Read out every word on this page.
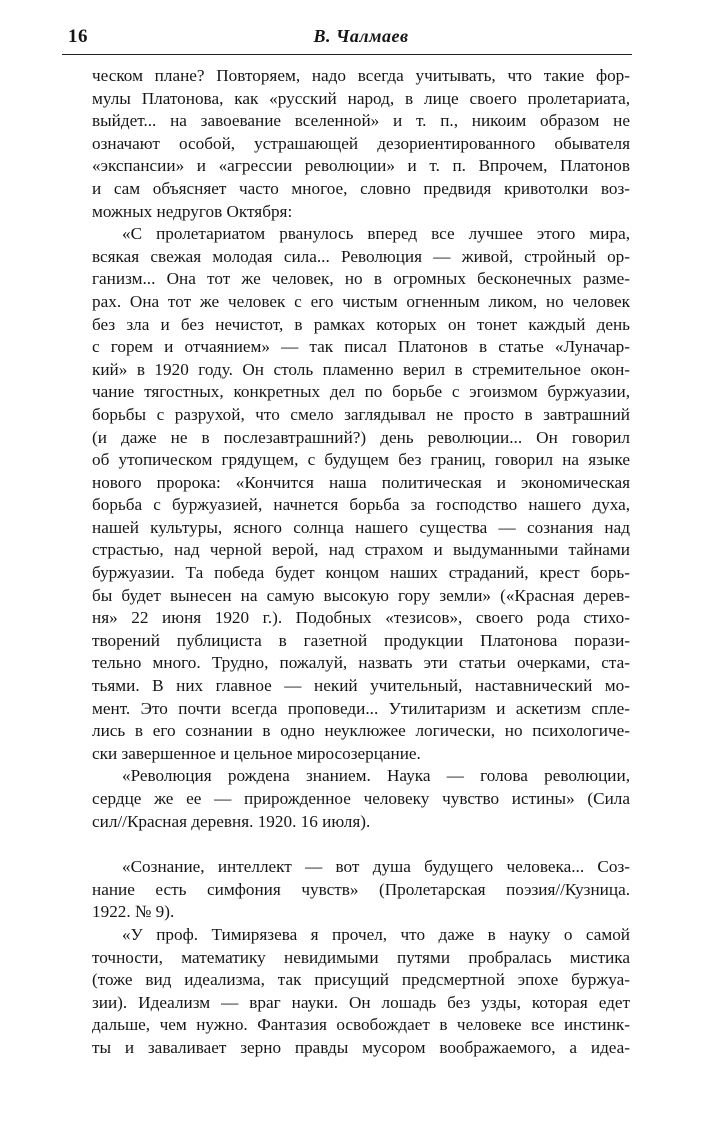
16	В. Чалмаев
ческом плане? Повторяем, надо всегда учитывать, что такие фор-
мулы Платонова, как «русский народ, в лице своего пролетариата,
выйдет... на завоевание вселенной» и т. п., никоим образом не
означают особой, устрашающей дезориентированного обывателя
«экспансии» и «агрессии революции» и т. п. Впрочем, Платонов
и сам объясняет часто многое, словно предвидя кривотолки воз-
можных недругов Октября:
«С пролетариатом рванулось вперед все лучшее этого мира,
всякая свежая молодая сила... Революция — живой, стройный ор-
ганизм... Она тот же человек, но в огромных бесконечных разме-
рах. Она тот же человек с его чистым огненным ликом, но человек
без зла и без нечистот, в рамках которых он тонет каждый день
с горем и отчаянием» — так писал Платонов в статье «Луначар-
кий» в 1920 году. Он столь пламенно верил в стремительное окон-
чание тягостных, конкретных дел по борьбе с эгоизмом буржуазии,
борьбы с разрухой, что смело заглядывал не просто в завтрашний
(и даже не в послезавтрашний?) день революции... Он говорил
об утопическом грядущем, с будущем без границ, говорил на языке
нового пророка: «Кончится наша политическая и экономическая
борьба с буржуазией, начнется борьба за господство нашего духа,
нашей культуры, ясного солнца нашего существа — сознания над
страстью, над черной верой, над страхом и выдуманными тайнами
буржуазии. Та победа будет концом наших страданий, крест борь-
бы будет вынесен на самую высокую гору земли» («Красная дерев-
ня» 22 июня 1920 г.). Подобных «тезисов», своего рода стихо-
творений публициста в газетной продукции Платонова порази-
тельно много. Трудно, пожалуй, назвать эти статьи очерками, ста-
тьями. В них главное — некий учительный, наставнический мо-
мент. Это почти всегда проповеди... Утилитаризм и аскетизм спле-
лись в его сознании в одно неуклюжее логически, но психологиче-
ски завершенное и цельное миросозерцание.
«Революция рождена знанием. Наука — голова революции,
сердце же ее — прирожденное человеку чувство истины» (Сила
сил//Красная деревня. 1920. 16 июля).
«Сознание, интеллект — вот душа будущего человека... Соз-
нание есть симфония чувств» (Пролетарская поэзия//Кузница.
1922. № 9).
«У проф. Тимирязева я прочел, что даже в науку о самой
точности, математику невидимыми путями пробралась мистика
(тоже вид идеализма, так присущий предсмертной эпохе буржуа-
зии). Идеализм — враг науки. Он лошадь без узды, которая едет
дальше, чем нужно. Фантазия освобождает в человеке все инстинк-
ты и заваливает зерно правды мусором воображаемого, а идеа-
